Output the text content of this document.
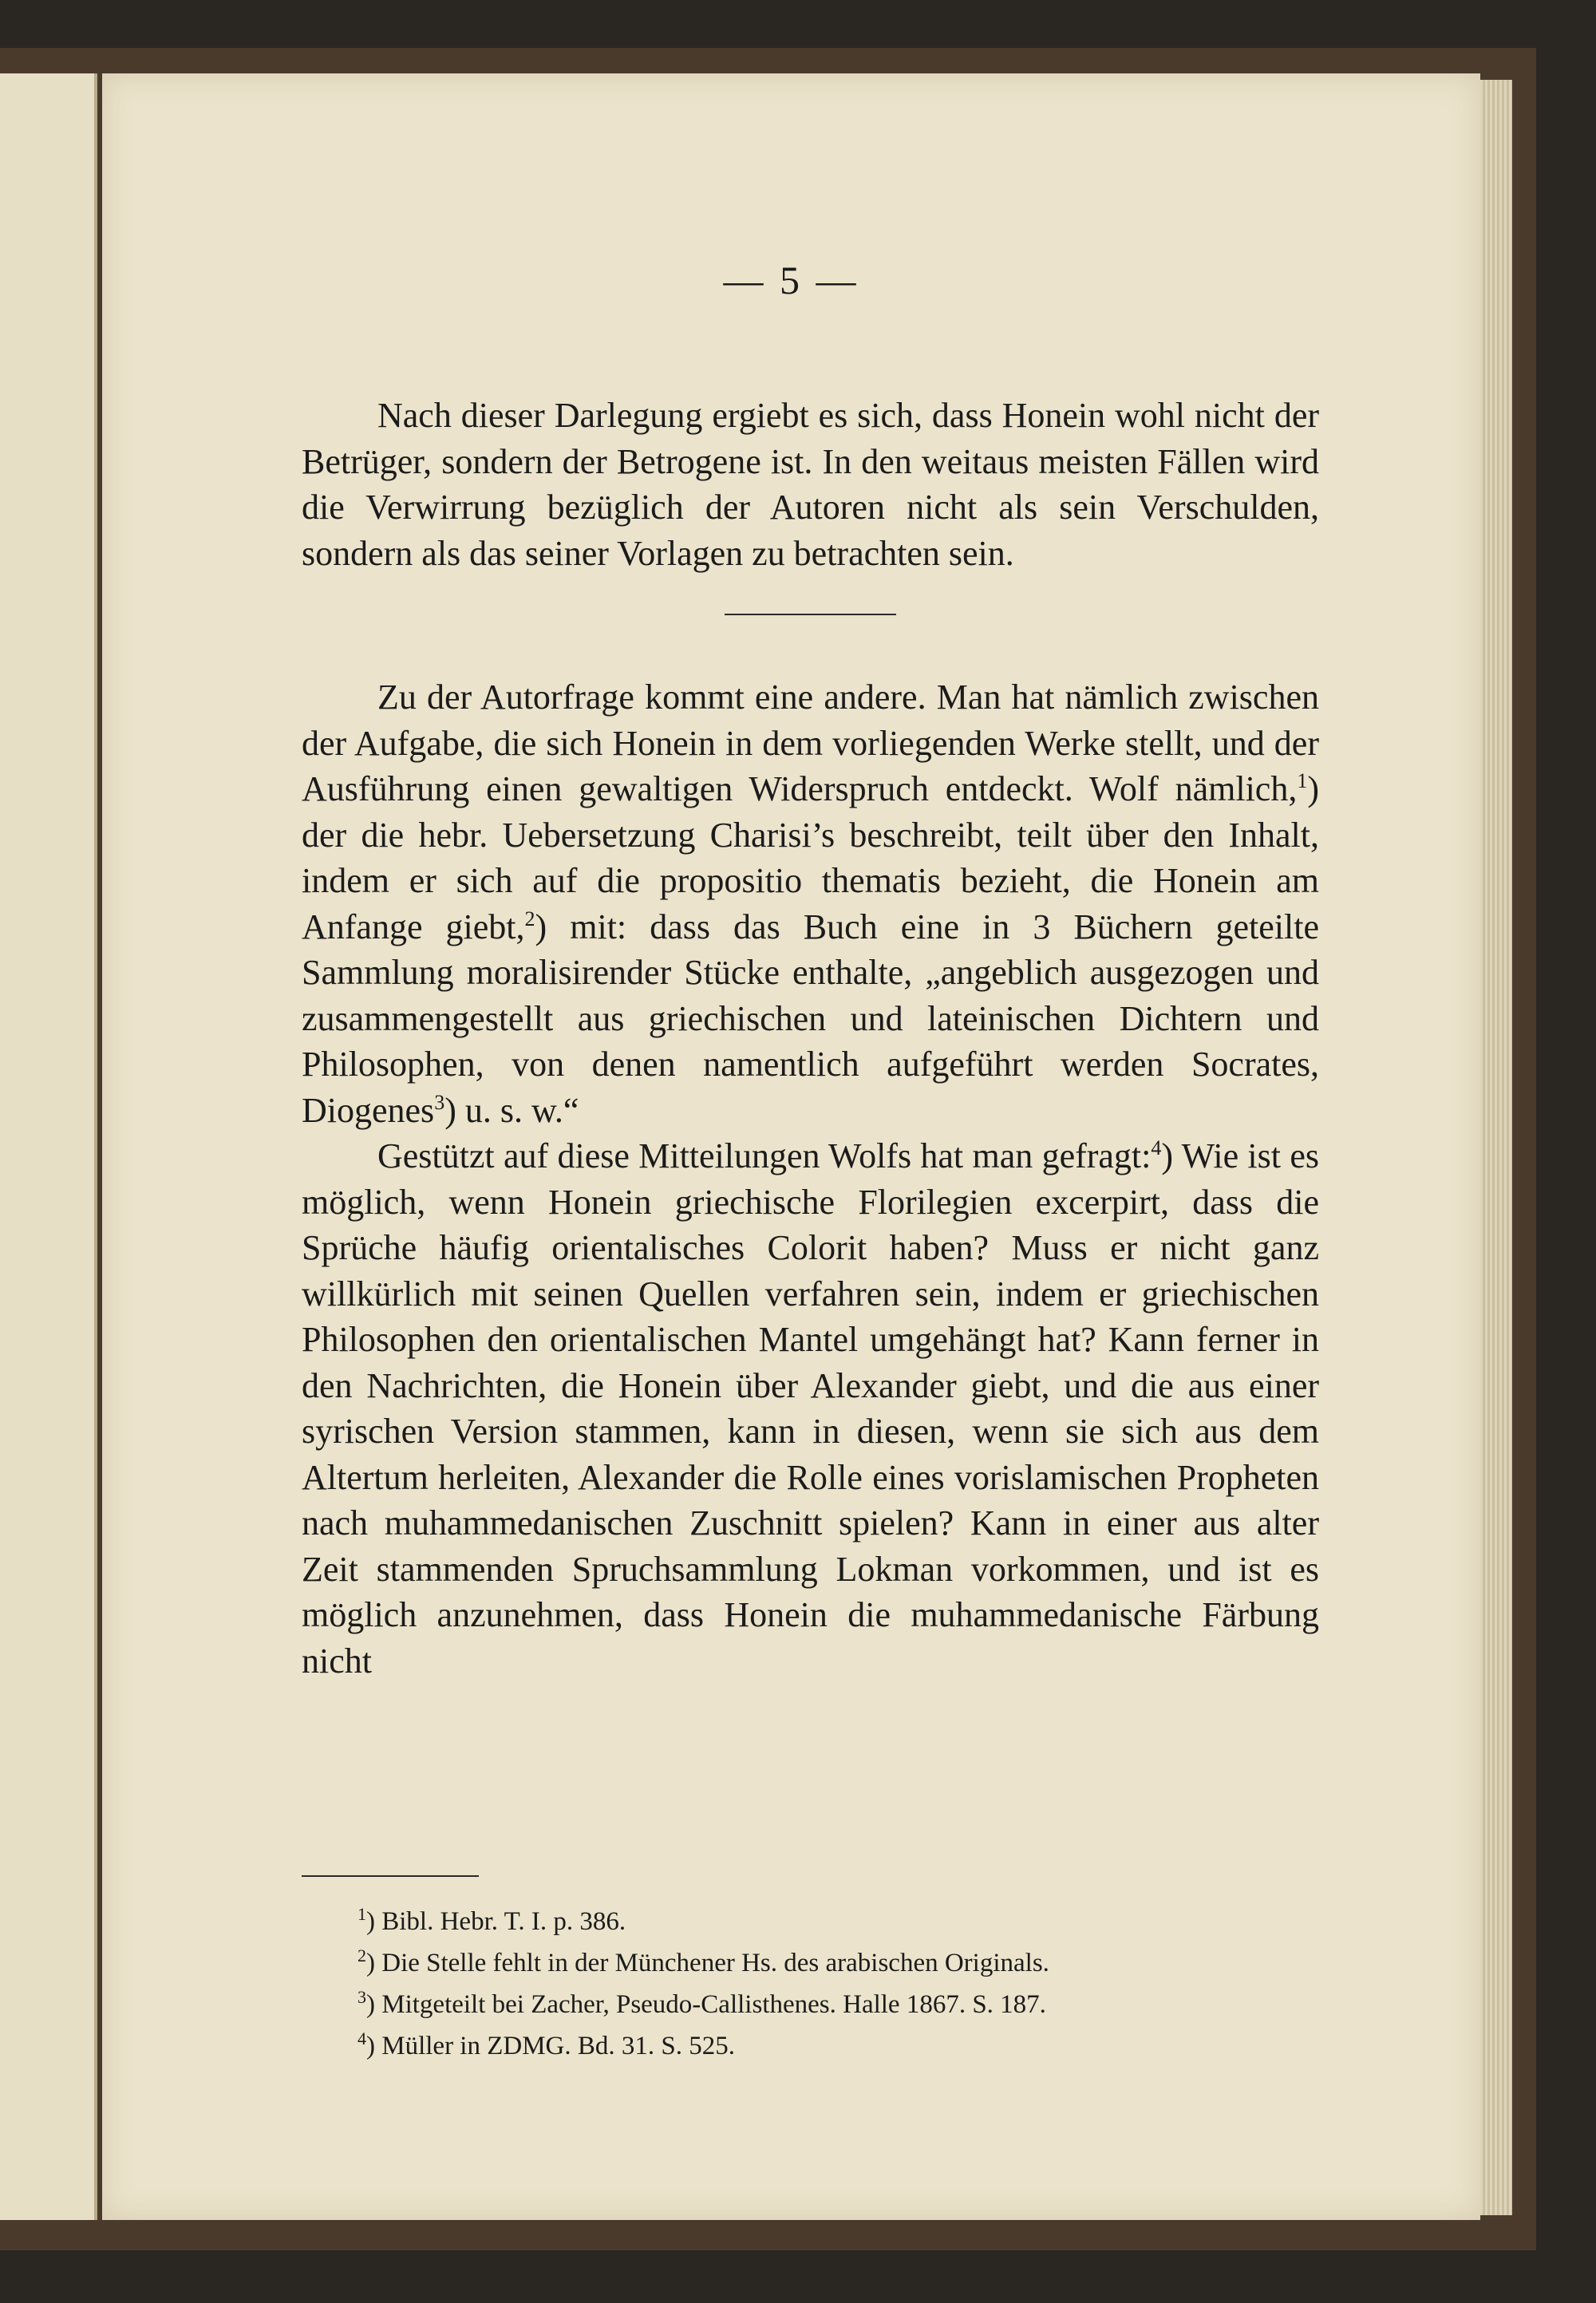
— 5 —

Nach dieser Darlegung ergiebt es sich, dass Honein wohl nicht der Betrüger, sondern der Betrogene ist. In den weitaus meisten Fällen wird die Verwirrung bezüglich der Autoren nicht als sein Verschulden, sondern als das seiner Vorlagen zu betrachten sein.

Zu der Autorfrage kommt eine andere. Man hat nämlich zwischen der Aufgabe, die sich Honein in dem vorliegenden Werke stellt, und der Ausführung einen gewaltigen Widerspruch entdeckt. Wolf nämlich,$^1$) der die hebr. Uebersetzung Charisi’s beschreibt, teilt über den Inhalt, indem er sich auf die propositio thematis bezieht, die Honein am Anfange giebt,$^2$) mit: dass das Buch eine in 3 Büchern geteilte Sammlung moralisirender Stücke enthalte, „angeblich ausgezogen und zusammengestellt aus griechischen und lateinischen Dichtern und Philosophen, von denen namentlich aufgeführt werden Socrates, Diogenes$^3$) u. s. w.“

Gestützt auf diese Mitteilungen Wolfs hat man gefragt:$^4$) Wie ist es möglich, wenn Honein griechische Florilegien excerpirt, dass die Sprüche häufig orientalisches Colorit haben? Muss er nicht ganz willkürlich mit seinen Quellen verfahren sein, indem er griechischen Philosophen den orientalischen Mantel umgehängt hat? Kann ferner in den Nachrichten, die Honein über Alexander giebt, und die aus einer syrischen Version stammen, kann in diesen, wenn sie sich aus dem Altertum herleiten, Alexander die Rolle eines vorislamischen Propheten nach muhammedanischen Zuschnitt spielen? Kann in einer aus alter Zeit stammenden Spruchsammlung Lokman vorkommen, und ist es möglich anzunehmen, dass Honein die muhammedanische Färbung nicht

$^1$) Bibl. Hebr. T. I. p. 386.
$^2$) Die Stelle fehlt in der Münchener Hs. des arabischen Originals.
$^3$) Mitgeteilt bei Zacher, Pseudo-Callisthenes. Halle 1867. S. 187.
$^4$) Müller in ZDMG. Bd. 31. S. 525.
